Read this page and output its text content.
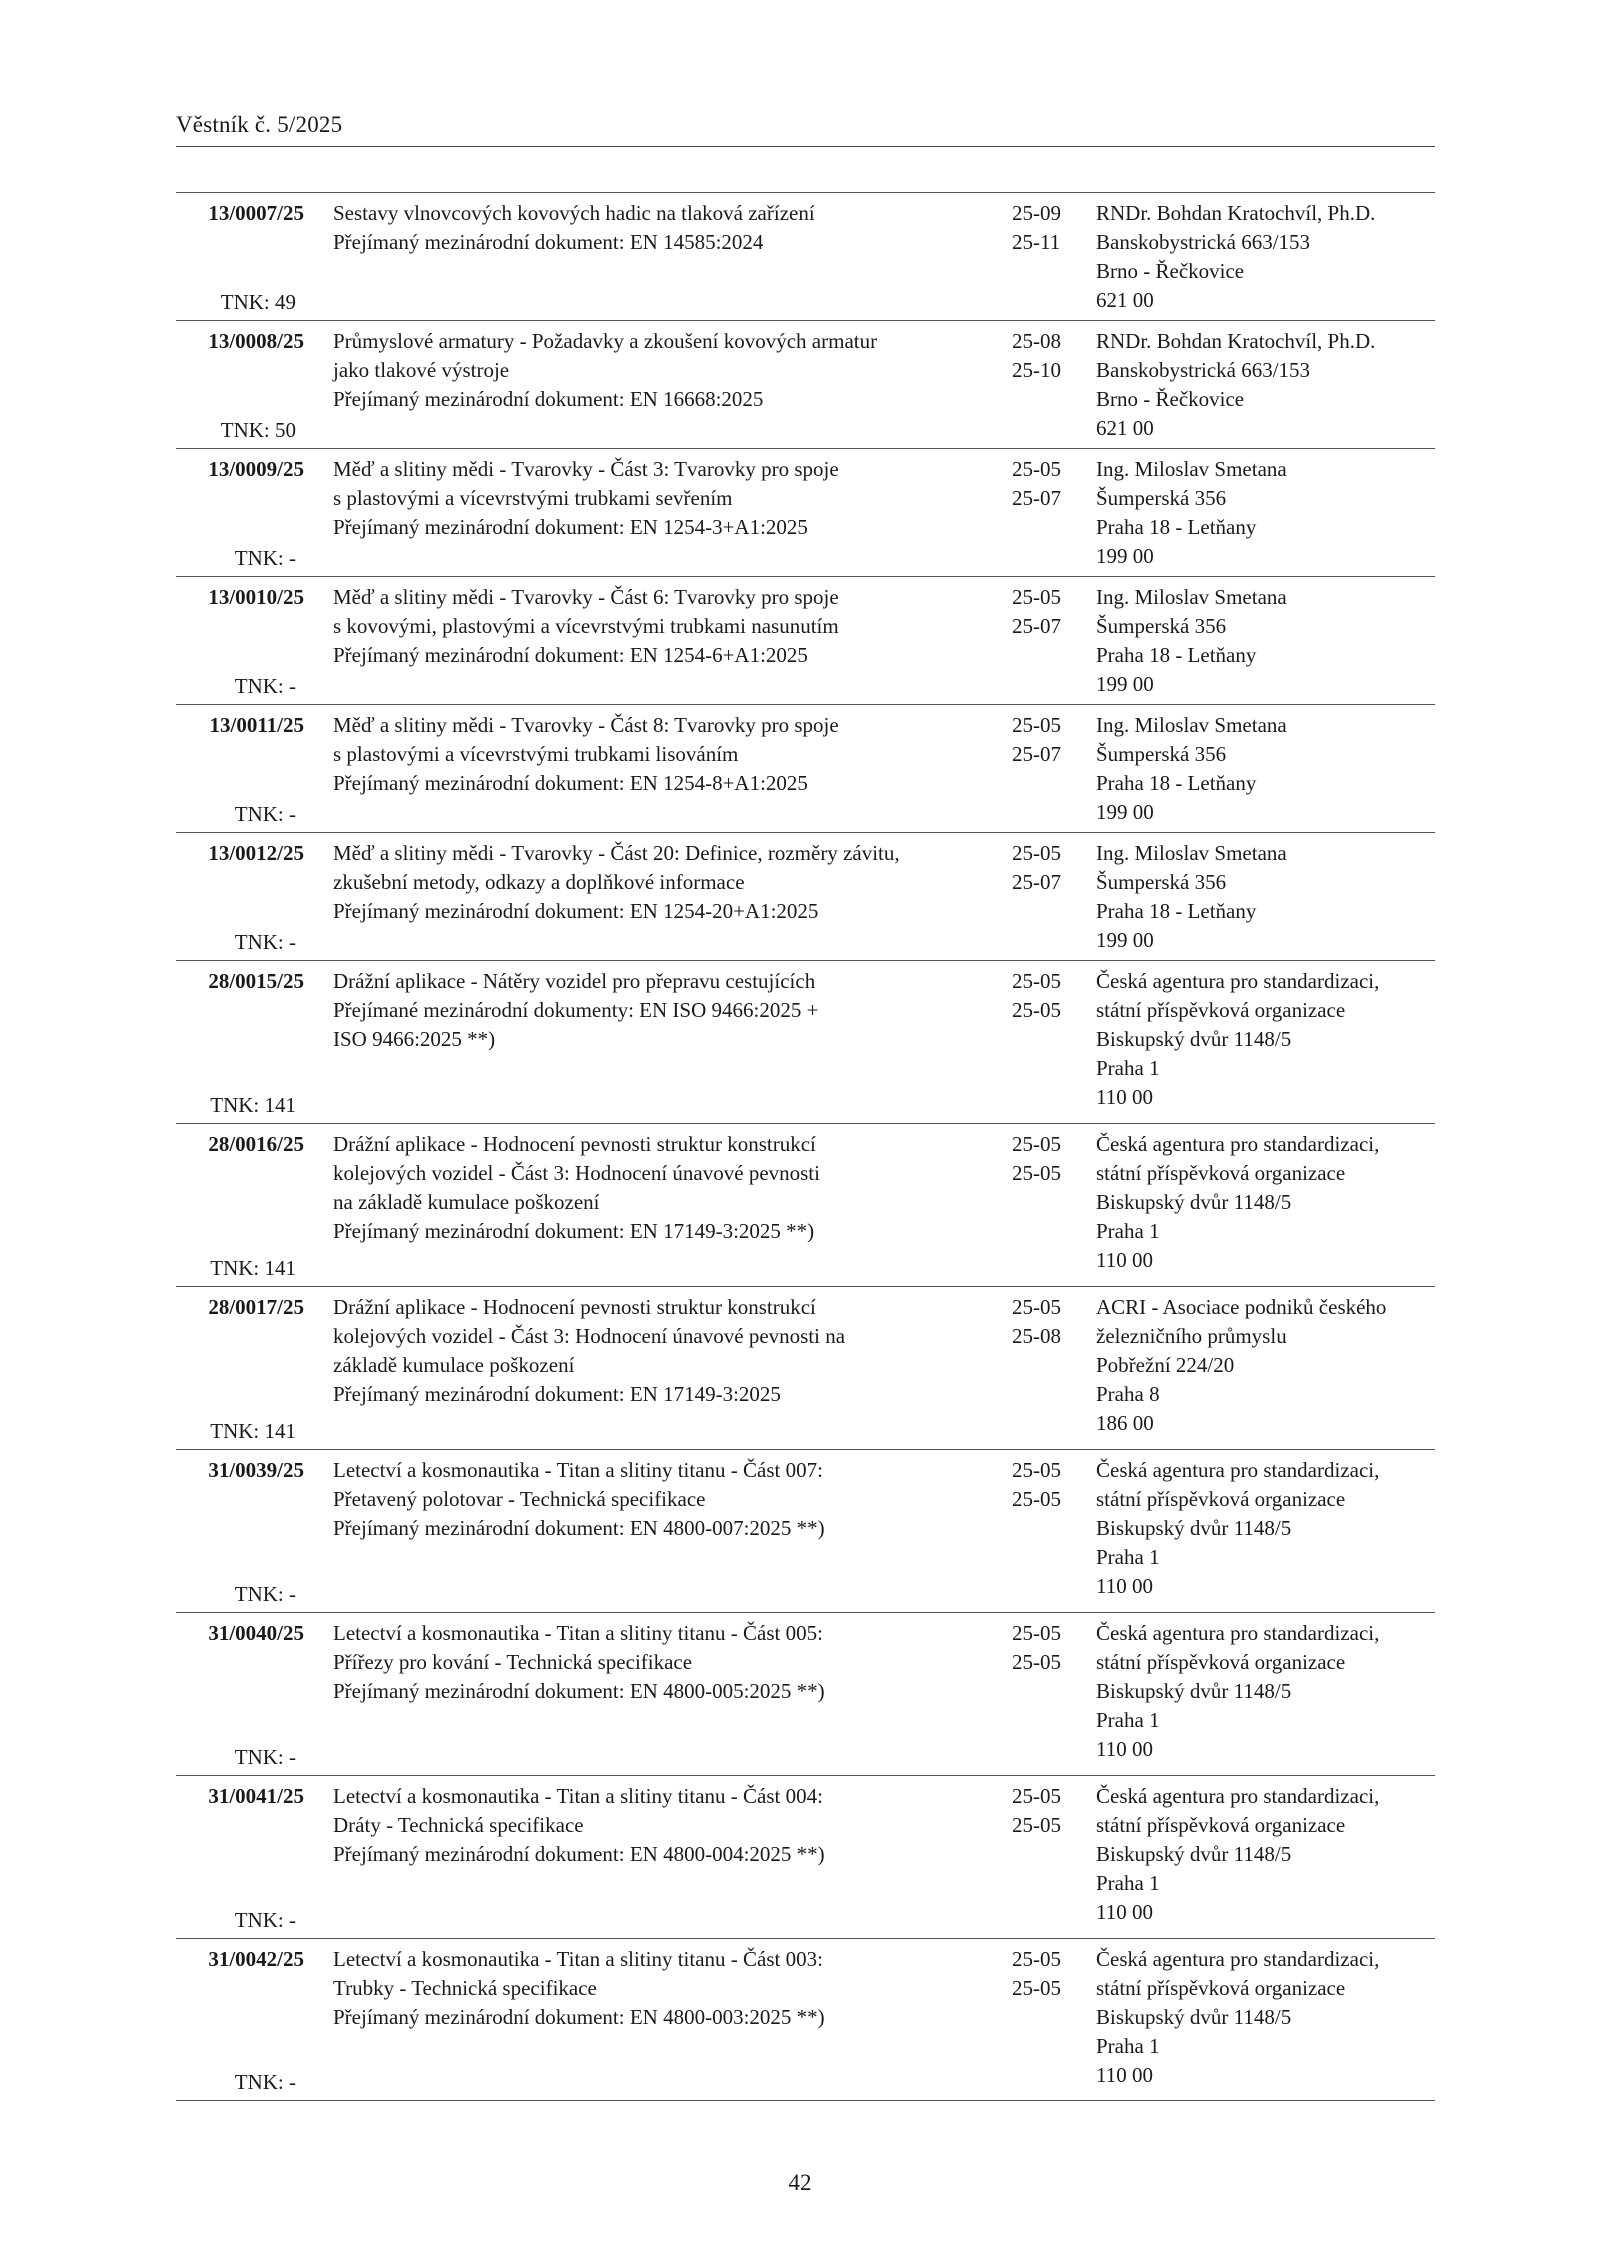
Věstník č. 5/2025
13/0007/25 Sestavy vlnovcových kovových hadic na tlaková zařízení
Přejímaný mezinárodní dokument: EN 14585:2024
25-09
25-11
RNDr. Bohdan Kratochvíl, Ph.D.
Banskobystrická 663/153
Brno - Řečkovice
621 00
TNK: 49
13/0008/25 Průmyslové armatury - Požadavky a zkoušení kovových armatur
jako tlakové výstroje
Přejímaný mezinárodní dokument: EN 16668:2025
25-08
25-10
RNDr. Bohdan Kratochvíl, Ph.D.
Banskobystrická 663/153
Brno - Řečkovice
621 00
TNK: 50
13/0009/25 Měď a slitiny mědi - Tvarovky - Část 3: Tvarovky pro spoje
s plastovými a vícevrstvými trubkami sevřením
Přejímaný mezinárodní dokument: EN 1254-3+A1:2025
25-05
25-07
Ing. Miloslav Smetana
Šumperská 356
Praha 18 - Letňany
199 00
TNK: -
13/0010/25 Měď a slitiny mědi - Tvarovky - Část 6: Tvarovky pro spoje
s kovovými, plastovými a vícevrstvými trubkami nasunutím
Přejímaný mezinárodní dokument: EN 1254-6+A1:2025
25-05
25-07
Ing. Miloslav Smetana
Šumperská 356
Praha 18 - Letňany
199 00
TNK: -
13/0011/25 Měď a slitiny mědi - Tvarovky - Část 8: Tvarovky pro spoje
s plastovými a vícevrstvými trubkami lisováním
Přejímaný mezinárodní dokument: EN 1254-8+A1:2025
25-05
25-07
Ing. Miloslav Smetana
Šumperská 356
Praha 18 - Letňany
199 00
TNK: -
13/0012/25 Měď a slitiny mědi - Tvarovky - Část 20: Definice, rozměry závitu,
zkušební metody, odkazy a doplňkové informace
Přejímaný mezinárodní dokument: EN 1254-20+A1:2025
25-05
25-07
Ing. Miloslav Smetana
Šumperská 356
Praha 18 - Letňany
199 00
TNK: -
28/0015/25 Drážní aplikace - Nátěry vozidel pro přepravu cestujících
Přejímané mezinárodní dokumenty: EN ISO 9466:2025 +
ISO 9466:2025 **)
25-05
25-05
Česká agentura pro standardizaci,
státní příspěvková organizace
Biskupský dvůr 1148/5
Praha 1
110 00
TNK: 141
28/0016/25 Drážní aplikace - Hodnocení pevnosti struktur konstrukcí
kolejových vozidel - Část 3: Hodnocení únavové pevnosti
na základě kumulace poškození
Přejímaný mezinárodní dokument: EN 17149-3:2025 **)
25-05
25-05
Česká agentura pro standardizaci,
státní příspěvková organizace
Biskupský dvůr 1148/5
Praha 1
110 00
TNK: 141
28/0017/25 Drážní aplikace - Hodnocení pevnosti struktur konstrukcí
kolejových vozidel - Část 3: Hodnocení únavové pevnosti na
základě kumulace poškození
Přejímaný mezinárodní dokument: EN 17149-3:2025
25-05
25-08
ACRI - Asociace podniků českého
železničního průmyslu
Pobřežní 224/20
Praha 8
186 00
TNK: 141
31/0039/25 Letectví a kosmonautika - Titan a slitiny titanu - Část 007:
Přetavený polotovar - Technická specifikace
Přejímaný mezinárodní dokument: EN 4800-007:2025 **)
25-05
25-05
Česká agentura pro standardizaci,
státní příspěvková organizace
Biskupský dvůr 1148/5
Praha 1
110 00
TNK: -
31/0040/25 Letectví a kosmonautika - Titan a slitiny titanu - Část 005:
Přířezy pro kování - Technická specifikace
Přejímaný mezinárodní dokument: EN 4800-005:2025 **)
25-05
25-05
Česká agentura pro standardizaci,
státní příspěvková organizace
Biskupský dvůr 1148/5
Praha 1
110 00
TNK: -
31/0041/25 Letectví a kosmonautika - Titan a slitiny titanu - Část 004:
Dráty - Technická specifikace
Přejímaný mezinárodní dokument: EN 4800-004:2025 **)
25-05
25-05
Česká agentura pro standardizaci,
státní příspěvková organizace
Biskupský dvůr 1148/5
Praha 1
110 00
TNK: -
31/0042/25 Letectví a kosmonautika - Titan a slitiny titanu - Část 003:
Trubky - Technická specifikace
Přejímaný mezinárodní dokument: EN 4800-003:2025 **)
25-05
25-05
Česká agentura pro standardizaci,
státní příspěvková organizace
Biskupský dvůr 1148/5
Praha 1
110 00
TNK: -
42
